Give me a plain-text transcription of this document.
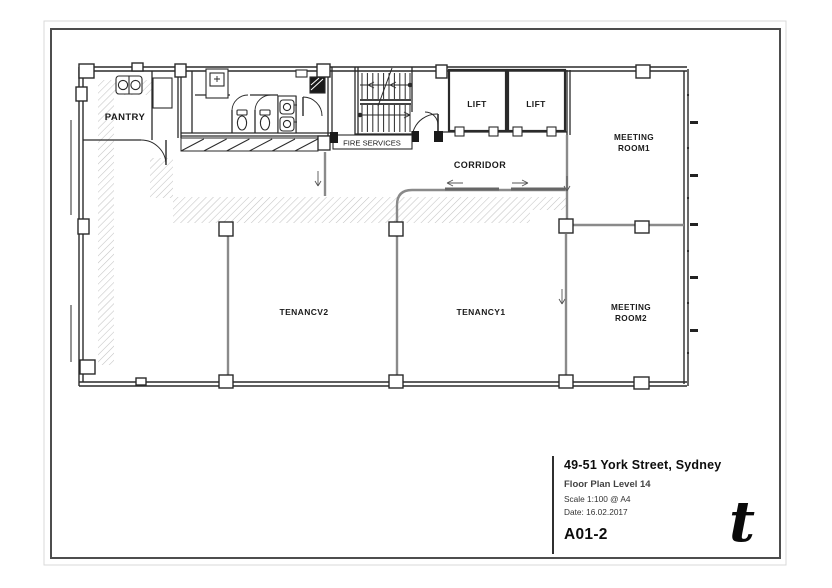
PANTRY
FIRE SERVICES
CORRIDOR
LIFT	LIFT
MEETING
ROOM1
MEETING
ROOM2
TENANCV2	TENANCY1
49-51 York Street, Sydney
Floor Plan Level 14
Scale 1:100 @ A4
Date: 16.02.2017
A01-2	t
